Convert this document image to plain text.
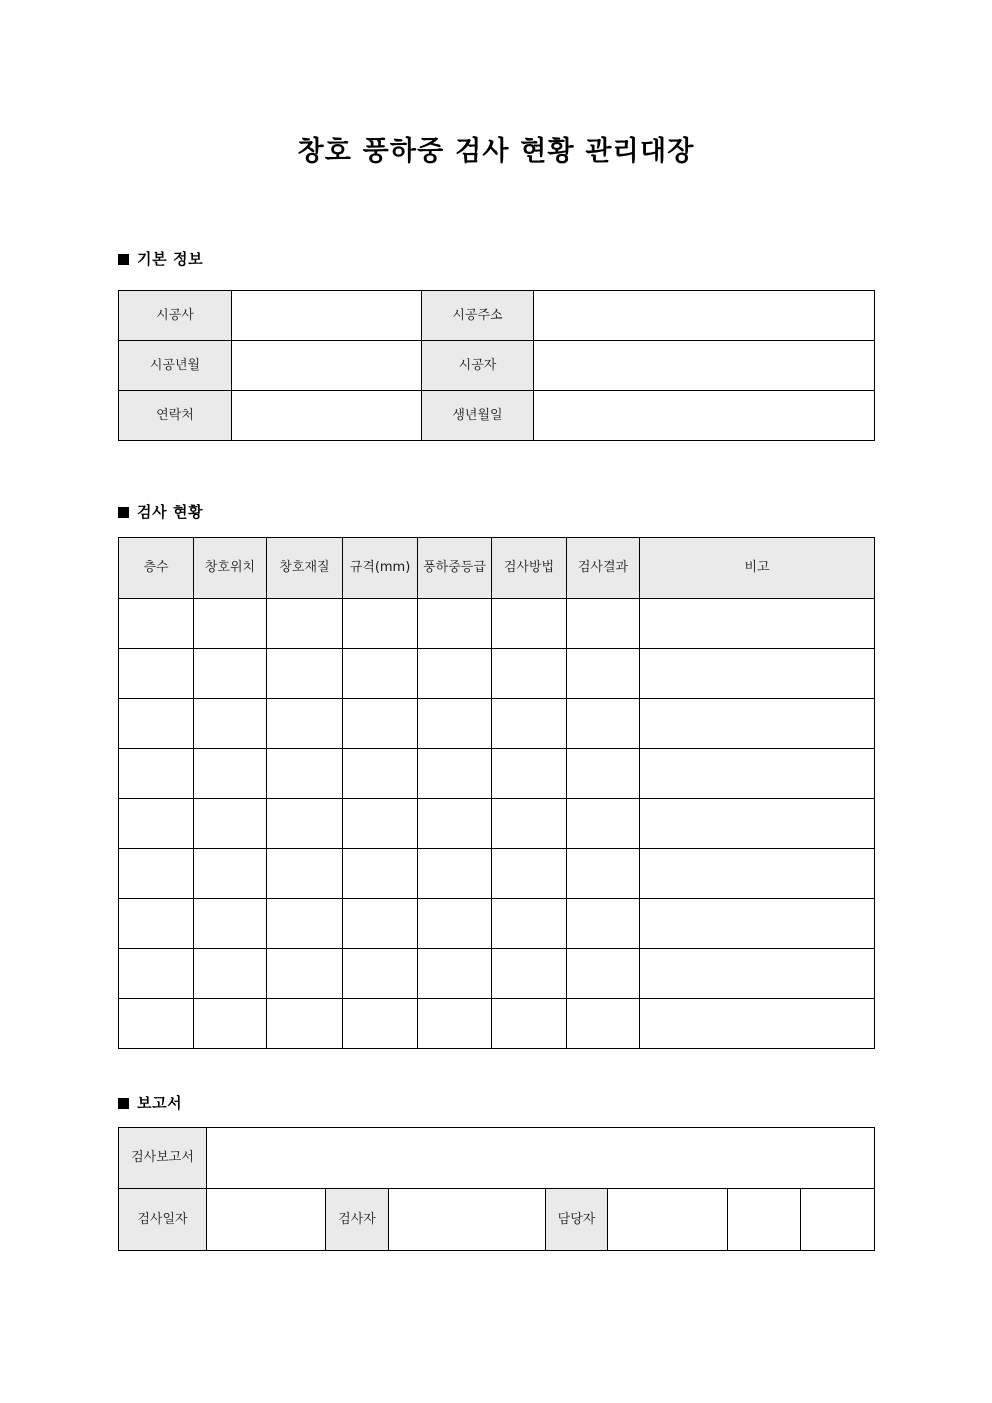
창호 풍하중 검사 현황 관리대장
기본 정보
시공사		시공주소	
시공년월		시공자	
연락처		생년월일	
검사 현황
층수	창호위치	창호재질	규격(mm)	풍하중등급	검사방법	검사결과	비고

보고서
검사보고서							
검사일자		검사자		담당자			
